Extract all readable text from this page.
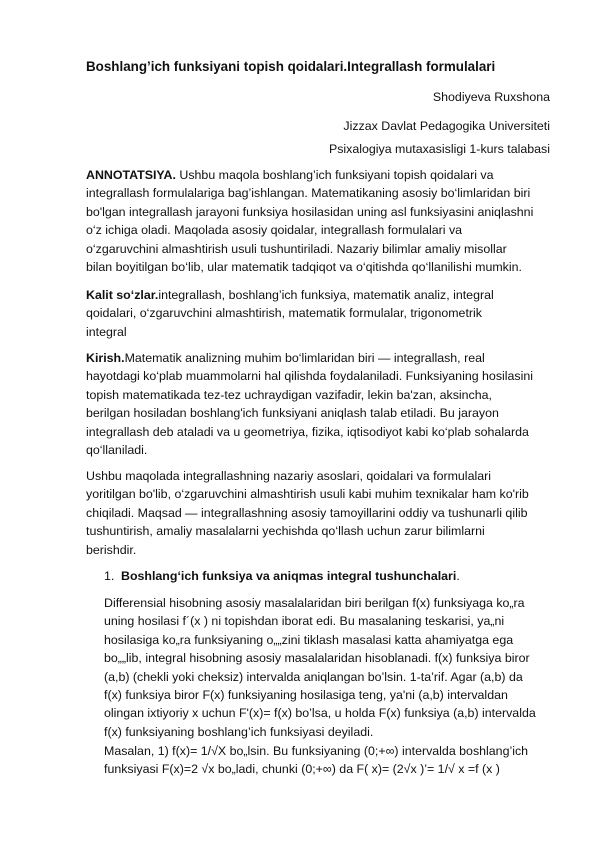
Boshlang’ich funksiyani topish qoidalari.Integrallash formulalari
Shodiyeva Ruxshona
Jizzax Davlat Pedagogika Universiteti
Psixalogiya mutaxasisligi 1-kurs talabasi

ANNOTATSIYA. Ushbu maqola boshlang’ich funksiyani topish qoidalari va

integrallash formulalariga bag’ishlangan. Matematikaning asosiy bo‘limlaridan biri

bo'lgan integrallash jarayoni funksiya hosilasidan uning asl funksiyasini aniqlashni

o‘z ichiga oladi. Maqolada asosiy qoidalar, integrallash formulalari va

o‘zgaruvchini almashtirish usuli tushuntiriladi. Nazariy bilimlar amaliy misollar

bilan boyitilgan bo‘lib, ular matematik tadqiqot va o‘qitishda qo‘llanilishi mumkin.

Kalit so‘zlar.integrallash, boshlang’ich funksiya, matematik analiz, integral

qoidalari, o‘zgaruvchini almashtirish, matematik formulalar, trigonometrik

integral

Kirish.Matematik analizning muhim bo‘limlaridan biri — integrallash, real

hayotdagi ko‘plab muammolarni hal qilishda foydalaniladi. Funksiyaning hosilasini

topish matematikada tez-tez uchraydigan vazifadir, lekin ba'zan, aksincha,

berilgan hosiladan boshlang'ich funksiyani aniqlash talab etiladi. Bu jarayon

integrallash deb ataladi va u geometriya, fizika, iqtisodiyot kabi ko‘plab sohalarda

qo‘llaniladi.

Ushbu maqolada integrallashning nazariy asoslari, qoidalari va formulalari

yoritilgan bo'lib, o‘zgaruvchini almashtirish usuli kabi muhim texnikalar ham ko'rib

chiqiladi. Maqsad — integrallashning asosiy tamoyillarini oddiy va tushunarli qilib

tushuntirish, amaliy masalalarni yechishda qo‘llash uchun zarur bilimlarni

berishdir.

1. Boshlang‘ich funksiya va aniqmas integral tushunchalari.

Differensial hisobning asosiy masalalaridan biri berilgan f(x) funksiyaga ko„ra

uning hosilasi f´(x ) ni topishdan iborat edi. Bu masalaning teskarisi, ya„ni

hosilasiga ko„ra funksiyaning o„„zini tiklash masalasi katta ahamiyatga ega

bo„„lib, integral hisobning asosiy masalalaridan hisoblanadi. f(x) funksiya biror

(a,b) (chekli yoki cheksiz) intervalda aniqlangan bo’lsin. 1-ta’rif. Agar (a,b) da

f(x) funksiya biror F(x) funksiyaning hosilasiga teng, ya'ni (a,b) intervaldan

olingan ixtiyoriy x uchun F'(x)= f(x) bo’lsa, u holda F(x) funksiya (a,b) intervalda

f(x) funksiyaning boshlang’ich funksiyasi deyiladi.

Masalan, 1) f(x)= 1/√X bo„lsin. Bu funksiyaning (0;+∞) intervalda boshlang’ich

funksiyasi F(x)=2 √x bo„ladi, chunki (0;+∞) da F( x)= (2√x )’= 1/√ x =f (x )
